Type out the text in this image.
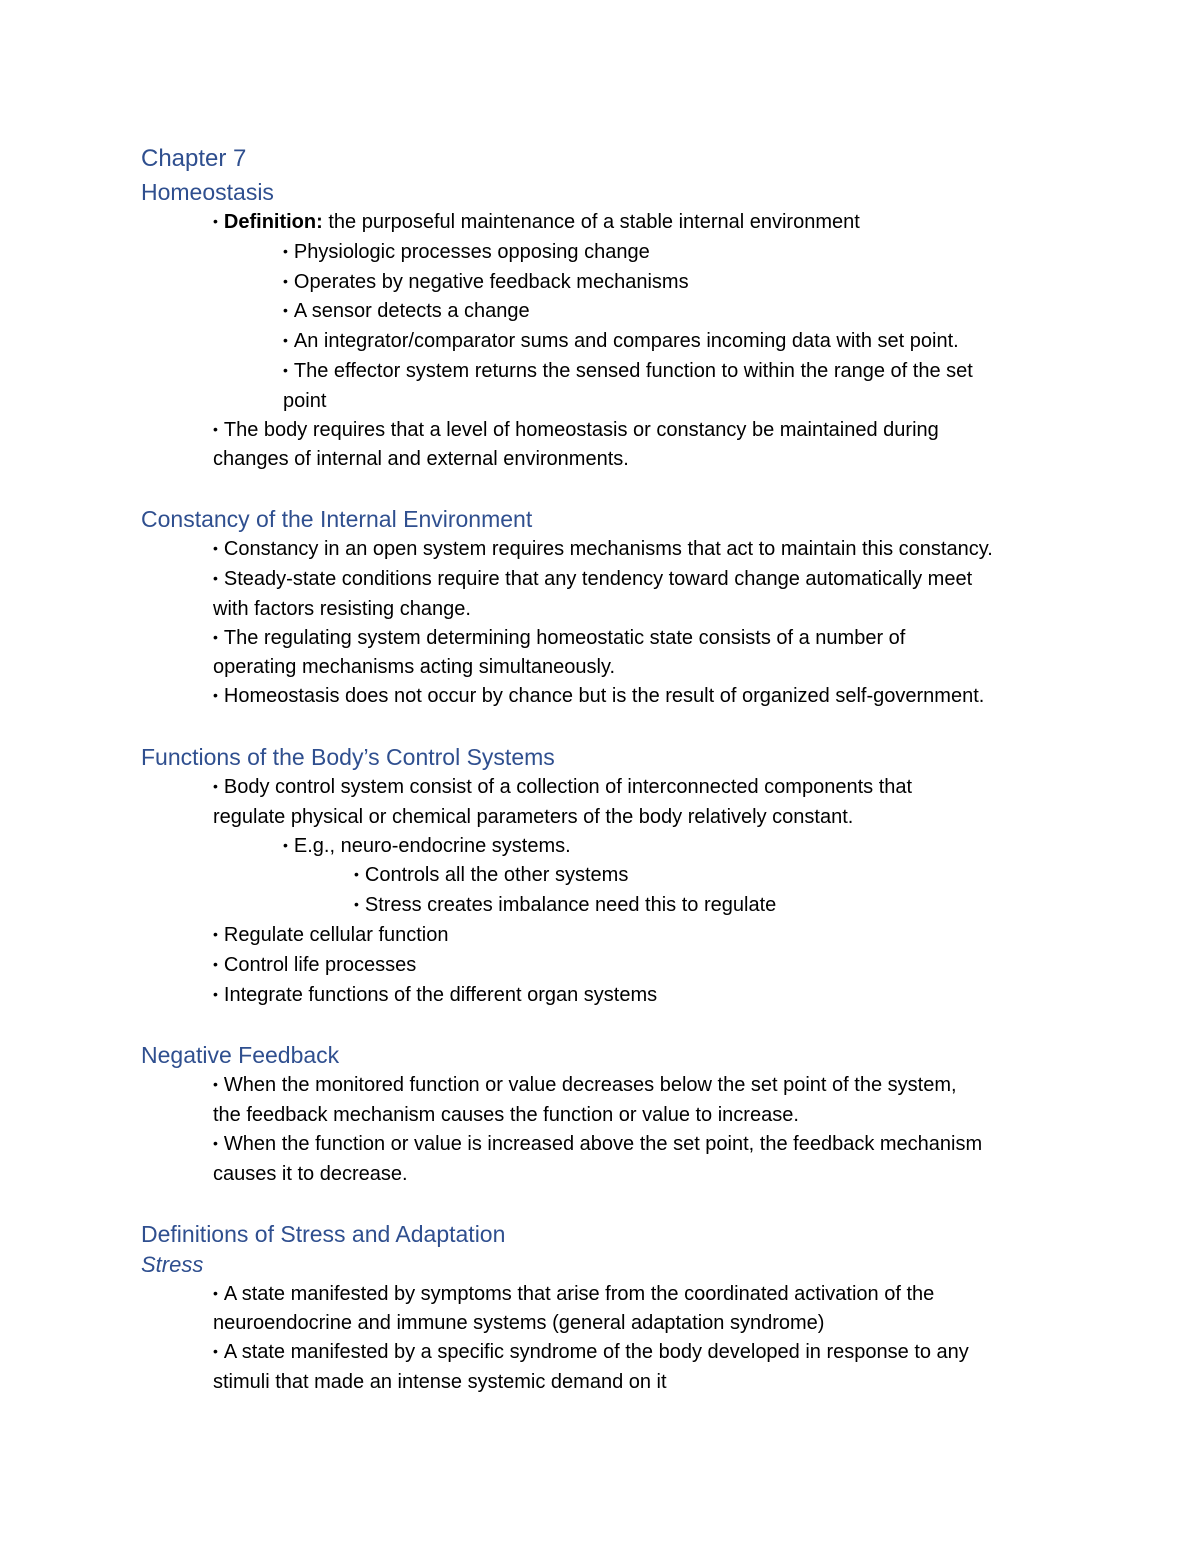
Chapter 7
Homeostasis
• Definition: the purposeful maintenance of a stable internal environment
• Physiologic processes opposing change
• Operates by negative feedback mechanisms
• A sensor detects a change
• An integrator/comparator sums and compares incoming data with set point.
• The effector system returns the sensed function to within the range of the set
point
• The body requires that a level of homeostasis or constancy be maintained during
changes of internal and external environments.
Constancy of the Internal Environment
• Constancy in an open system requires mechanisms that act to maintain this constancy.
• Steady-state conditions require that any tendency toward change automatically meet
with factors resisting change.
• The regulating system determining homeostatic state consists of a number of
operating mechanisms acting simultaneously.
• Homeostasis does not occur by chance but is the result of organized self-government.
Functions of the Body’s Control Systems
• Body control system consist of a collection of interconnected components that
regulate physical or chemical parameters of the body relatively constant.
• E.g., neuro-endocrine systems.
• Controls all the other systems
• Stress creates imbalance need this to regulate
• Regulate cellular function
• Control life processes
• Integrate functions of the different organ systems
Negative Feedback
• When the monitored function or value decreases below the set point of the system,
the feedback mechanism causes the function or value to increase.
• When the function or value is increased above the set point, the feedback mechanism
causes it to decrease.
Definitions of Stress and Adaptation
Stress
• A state manifested by symptoms that arise from the coordinated activation of the
neuroendocrine and immune systems (general adaptation syndrome)
• A state manifested by a specific syndrome of the body developed in response to any
stimuli that made an intense systemic demand on it
